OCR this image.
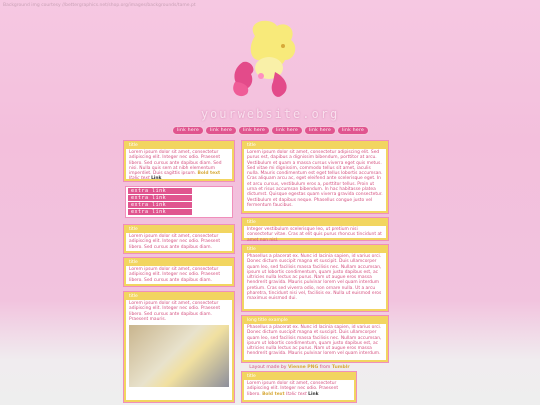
Background img courtesy //bettergraphics.net/shop.org/images/backgrounds/tame.pt
yourwebsite.org
link here	link here	link here	link here	link here	link here
title
Lorem ipsum dolor sit amet, consectetur adipiscing elit. Integer nec odio. Praesent libero. Sed cursus ante dapibus diam. Sed nisi. Nulla quis sem at nibh elementum imperdiet. Duis sagittis ipsum. Bold text Italic text Link
extra link
extra link
extra link
extra link
title
Lorem ipsum dolor sit amet, consectetur adipiscing elit. Integer nec odio. Praesent libero. Sed cursus ante dapibus diam.
title
Lorem ipsum dolor sit amet, consectetur adipiscing elit. Integer nec odio. Praesent libero. Sed cursus ante dapibus diam.
title
Lorem ipsum dolor sit amet, consectetur adipiscing elit. Integer nec odio. Praesent libero. Sed cursus ante dapibus diam. Praesent mauris.
title
Lorem ipsum dolor sit amet, consectetur adipiscing elit. Sed purus est, dapibus a dignissim bibendum, porttitor at arcu. Vestibulum et quam a massa cursus viverra eget quis metus. Sed vitae mi dignissim, commodo tellus sit amet, iaculis nulla. Mauris condimentum est eget tellus lobortis accumsan. Cras aliquam arcu ac, eget eleifend ante scelerisque eget. In et arcu cursus, vestibulum eros a, porttitor tellus. Proin ut urna et risus accumsan bibendum. In hac habitasse platea dictumst. Quisque egestas quam viverra gravida consectetur. Vestibulum et dapibus neque. Phasellus congue justo vel fermentum faucibus.
title
Integer vestibulum scelerisque leo, ut pretium nisi consectetur vitae. Cras at elit quis purus rhoncus tincidunt at amet non nisl.
title
Phasellus a placerat ex. Nunc id lacinia sapien, id varius orci. Donec dictum suscipit magna et suscipit. Duis ullamcorper quam leo, sed facilisis massa facilisis nec. Nullam accumsan, ipsum ut lobortis condimentum, quam justo dapibus est, ac ultricies nulla lectus ac purus. Nam ut augue eros massa hendrerit gravida. Mauris pulvinar lorem vel quam interdum pretium. Cras sed viverra odio, non ornare nulla. Ut a arcu pharetra, tincidunt nisi vel, facilisis ex. Nulla ut euismod eros maximus euismod dui.
long title example
Phasellus a placerat ex. Nunc id lacinia sapien, id varius orci. Donec dictum suscipit magna et suscipit. Duis ullamcorper quam leo, sed facilisis massa facilisis nec. Nullam accumsan, ipsum ut lobortis condimentum, quam justo dapibus est, ac ultricies nulla lectus ac purus. Nam ut augue eros massa hendrerit gravida. Mauris pulvinar lorem vel quam interdum.
Layout made by Vienne PNG from Tumblr
title
Lorem ipsum dolor sit amet, consectetur adipiscing elit. Integer nec odio. Praesent libero. Bold text Italic text Link
